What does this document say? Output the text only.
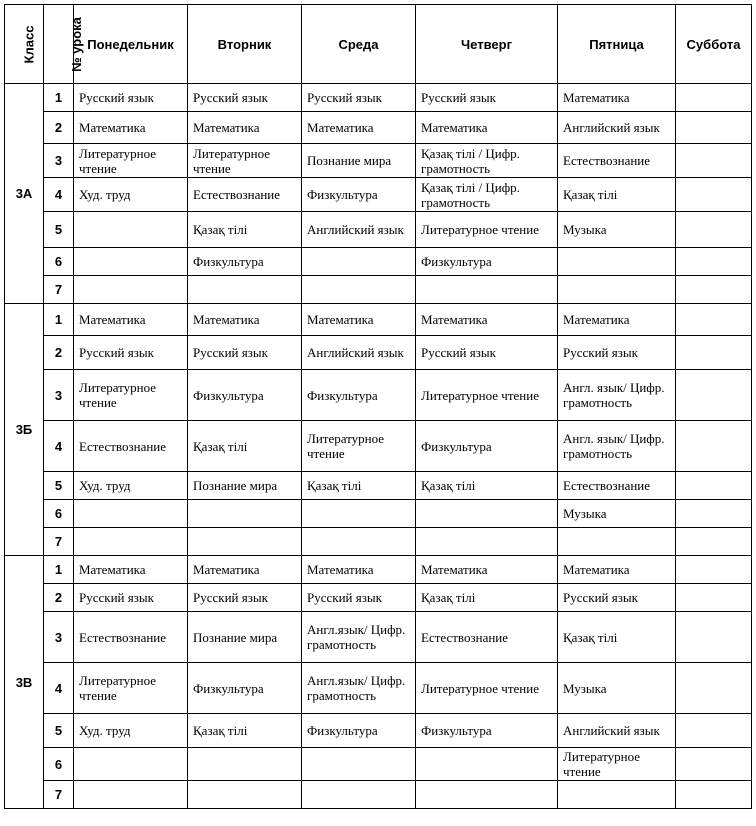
Класс	№ урока	Понедельник	Вторник	Среда	Четверг	Пятница	Суббота
3А	1	Русский язык	Русский язык	Русский язык	Русский язык	Математика	
	2	Математика	Математика	Математика	Математика	Английский язык	
	3	Литературное чтение	Литературное чтение	Познание мира	Қазақ тілі / Цифр. грамотность	Естествознание	
	4	Худ. труд	Естествознание	Физкультура	Қазақ тілі / Цифр. грамотность	Қазақ тілі	
	5		Қазақ тілі	Английский язык	Литературное чтение	Музыка	
	6		Физкультура		Физкультура		
	7						
3Б	1	Математика	Математика	Математика	Математика	Математика	
	2	Русский язык	Русский язык	Английский язык	Русский язык	Русский язык	
	3	Литературное чтение	Физкультура	Физкультура	Литературное чтение	Англ. язык/ Цифр. грамотность	
	4	Естествознание	Қазақ тілі	Литературное чтение	Физкультура	Англ. язык/ Цифр. грамотность	
	5	Худ. труд	Познание мира	Қазақ тілі	Қазақ тілі	Естествознание	
	6					Музыка	
	7						
3В	1	Математика	Математика	Математика	Математика	Математика	
	2	Русский язык	Русский язык	Русский язык	Қазақ тілі	Русский язык	
	3	Естествознание	Познание мира	Англ.язык/ Цифр. грамотность	Естествознание	Қазақ тілі	
	4	Литературное чтение	Физкультура	Англ.язык/ Цифр. грамотность	Литературное чтение	Музыка	
	5	Худ. труд	Қазақ тілі	Физкультура	Физкультура	Английский язык	
	6					Литературное чтение	
	7						
